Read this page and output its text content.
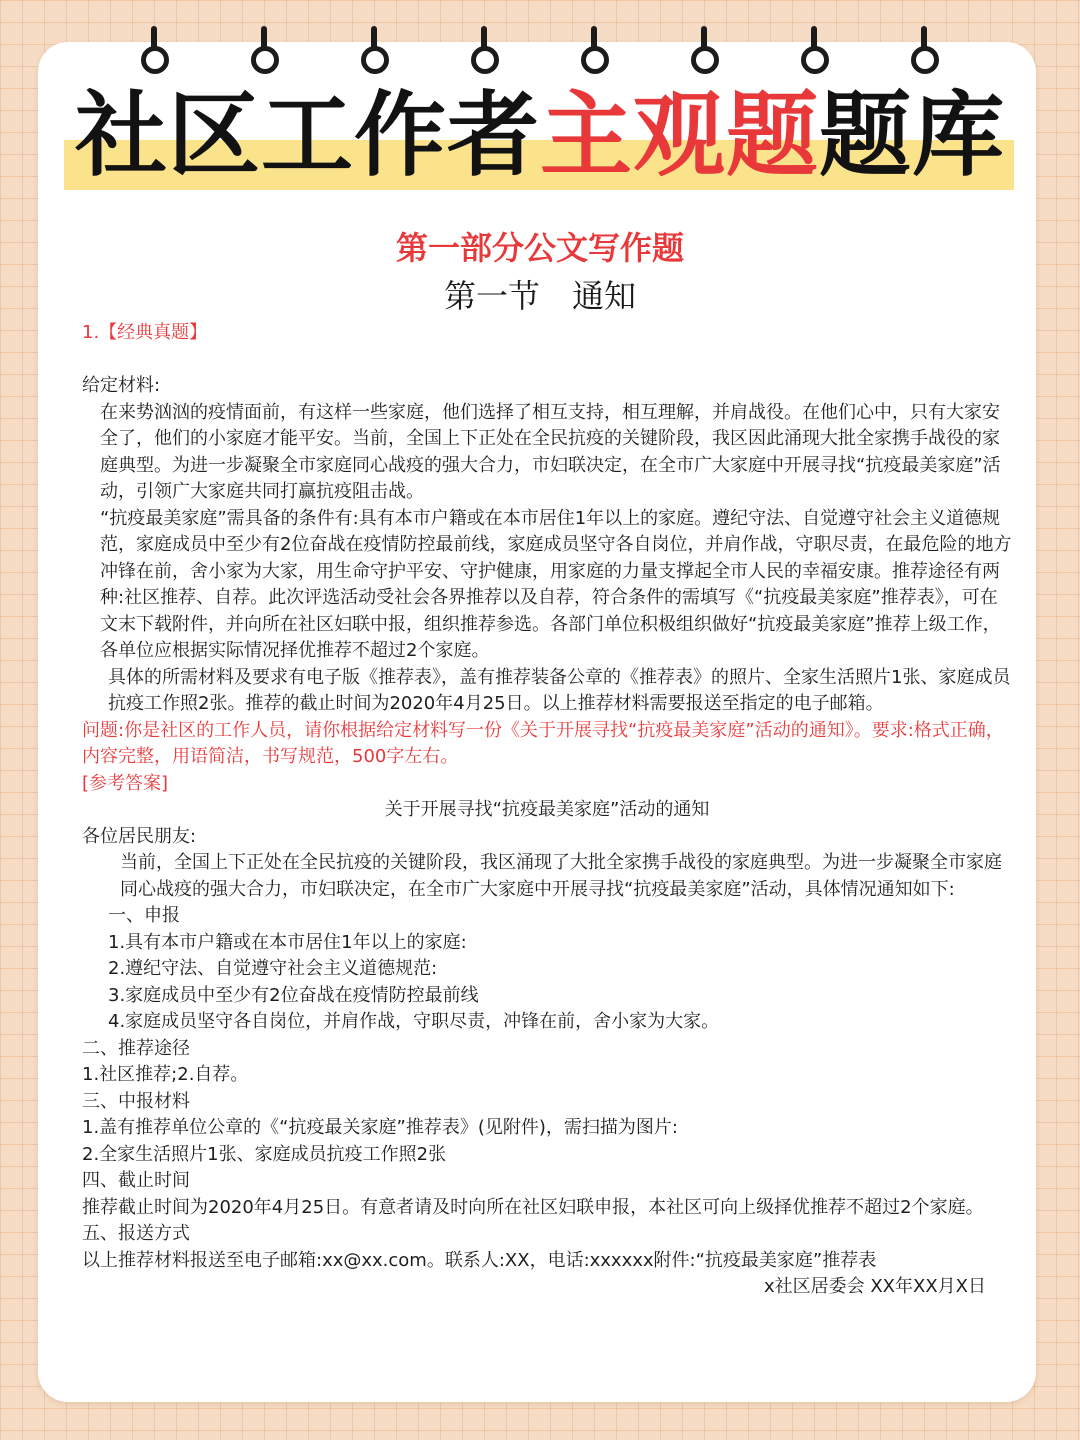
社区工作者主观题题库
第一部分公文写作题
第一节　通知

1.【经典真题】

给定材料:

在来势汹汹的疫情面前，有这样一些家庭，他们选择了相互支持，相互理解，并肩战役。在他们心中，只有大家安全了，他们的小家庭才能平安。当前，全国上下正处在全民抗疫的关键阶段，我区因此涌现大批全家携手战役的家庭典型。为进一步凝聚全市家庭同心战疫的强大合力，市妇联决定，在全市广大家庭中开展寻找“抗疫最美家庭”活动，引领广大家庭共同打赢抗疫阻击战。

“抗疫最美家庭”需具备的条件有:具有本市户籍或在本市居住1年以上的家庭。遵纪守法、自觉遵守社会主义道德规范，家庭成员中至少有2位奋战在疫情防控最前线，家庭成员坚守各自岗位，并肩作战，守职尽责，在最危险的地方冲锋在前，舍小家为大家，用生命守护平安、守护健康，用家庭的力量支撑起全市人民的幸福安康。推荐途径有两种:社区推荐、自荐。此次评选活动受社会各界推荐以及自荐，符合条件的需填写《“抗疫最美家庭”推荐表》，可在文末下载附件，并向所在社区妇联中报，组织推荐参选。各部门单位积极组织做好“抗疫最美家庭”推荐上级工作，各单位应根据实际情况择优推荐不超过2个家庭。

具体的所需材料及要求有电子版《推荐表》，盖有推荐装备公章的《推荐表》的照片、全家生活照片1张、家庭成员抗疫工作照2张。推荐的截止时间为2020年4月25日。以上推荐材料需要报送至指定的电子邮箱。

问题:你是社区的工作人员，请你根据给定材料写一份《关于开展寻找“抗疫最美家庭”活动的通知》。要求:格式正确，内容完整，用语简洁，书写规范，500字左右。

[参考答案]

关于开展寻找“抗疫最美家庭”活动的通知

各位居民朋友:

当前，全国上下正处在全民抗疫的关键阶段，我区涌现了大批全家携手战役的家庭典型。为进一步凝聚全市家庭同心战疫的强大合力，市妇联决定，在全市广大家庭中开展寻找“抗疫最美家庭”活动，具体情况通知如下:

一、申报

1.具有本市户籍或在本市居住1年以上的家庭:

2.遵纪守法、自觉遵守社会主义道德规范:

3.家庭成员中至少有2位奋战在疫情防控最前线

4.家庭成员坚守各自岗位，并肩作战，守职尽责，冲锋在前，舍小家为大家。

二、推荐途径

1.社区推荐;2.自荐。

三、中报材料

1.盖有推荐单位公章的《“抗疫最关家庭”推荐表》(见附件)，需扫描为图片:

2.全家生活照片1张、家庭成员抗疫工作照2张

四、截止时间

推荐截止时间为2020年4月25日。有意者请及时向所在社区妇联申报，本社区可向上级择优推荐不超过2个家庭。

五、报送方式

以上推荐材料报送至电子邮箱:xx@xx.com。联系人:XX，电话:xxxxxx附件:“抗疫最美家庭”推荐表

x社区居委会 XX年XX月X日
